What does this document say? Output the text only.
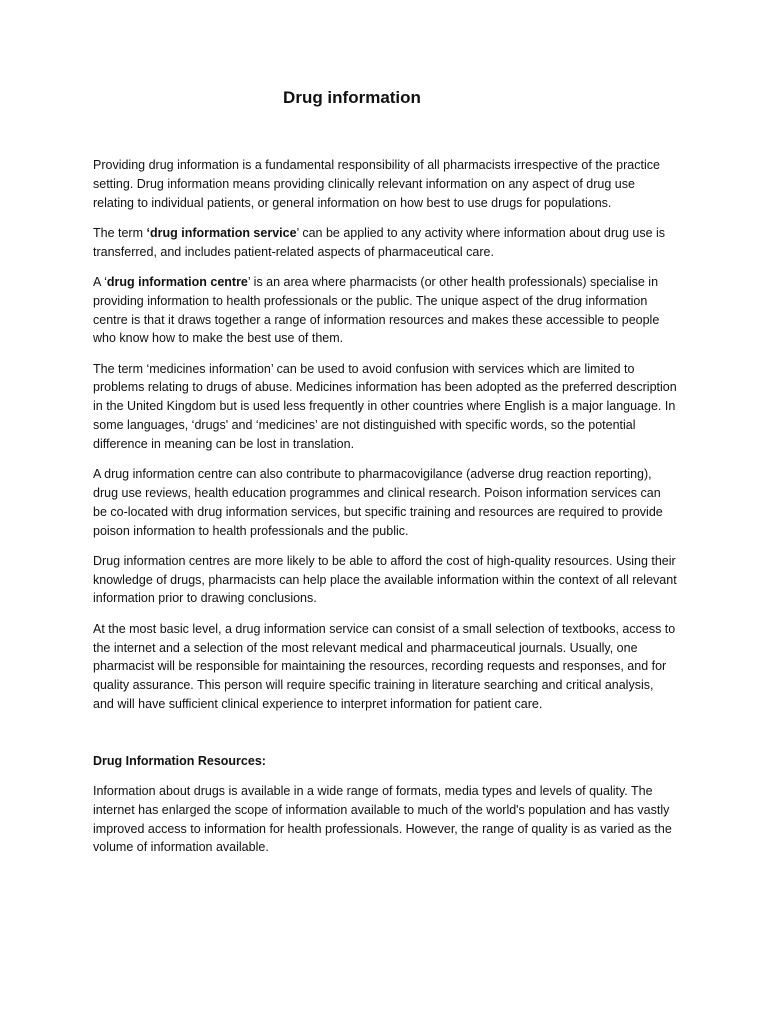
Drug information

Providing drug information is a fundamental responsibility of all pharmacists irrespective of the practice setting. Drug information means providing clinically relevant information on any aspect of drug use relating to individual patients, or general information on how best to use drugs for populations.

The term ‘drug information service’ can be applied to any activity where information about drug use is transferred, and includes patient-related aspects of pharmaceutical care.

A ‘drug information centre’ is an area where pharmacists (or other health professionals) specialise in providing information to health professionals or the public. The unique aspect of the drug information centre is that it draws together a range of information resources and makes these accessible to people who know how to make the best use of them.

The term ‘medicines information’ can be used to avoid confusion with services which are limited to problems relating to drugs of abuse. Medicines information has been adopted as the preferred description in the United Kingdom but is used less frequently in other countries where English is a major language. In some languages, ‘drugs' and ‘medicines’ are not distinguished with specific words, so the potential difference in meaning can be lost in translation.

A drug information centre can also contribute to pharmacovigilance (adverse drug reaction reporting), drug use reviews, health education programmes and clinical research. Poison information services can be co-located with drug information services, but specific training and resources are required to provide poison information to health professionals and the public.

Drug information centres are more likely to be able to afford the cost of high-quality resources. Using their knowledge of drugs, pharmacists can help place the available information within the context of all relevant information prior to drawing conclusions.

At the most basic level, a drug information service can consist of a small selection of textbooks, access to the internet and a selection of the most relevant medical and pharmaceutical journals. Usually, one pharmacist will be responsible for maintaining the resources, recording requests and responses, and for quality assurance. This person will require specific training in literature searching and critical analysis, and will have sufficient clinical experience to interpret information for patient care.

Drug Information Resources:

Information about drugs is available in a wide range of formats, media types and levels of quality. The internet has enlarged the scope of information available to much of the world's population and has vastly improved access to information for health professionals. However, the range of quality is as varied as the volume of information available.
